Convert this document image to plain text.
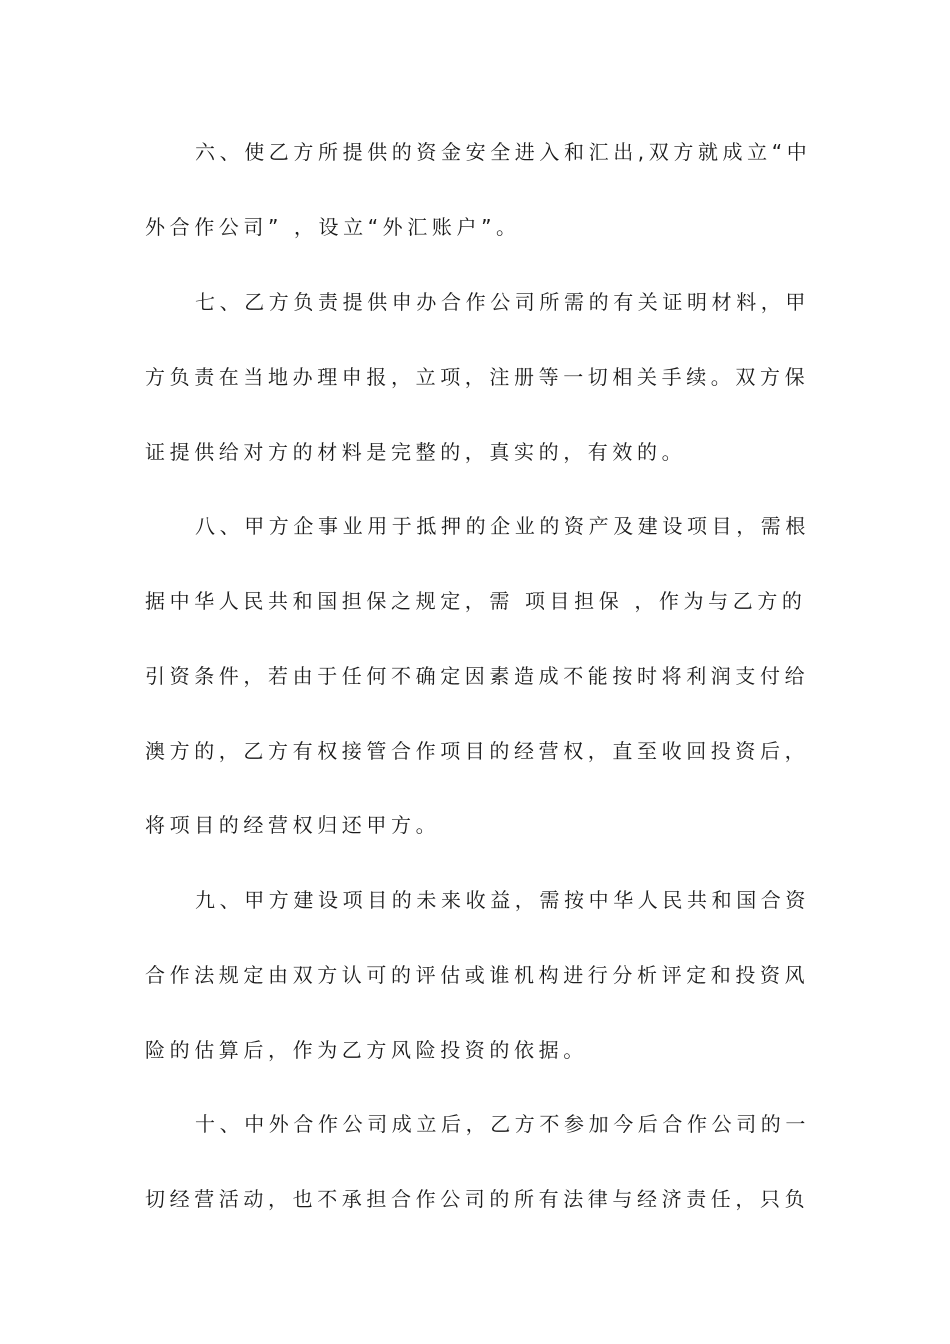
六、使乙方所提供的资金安全进入和汇出,双方就成立“中
外合作公司” ，设立“外汇账户”。
七、乙方负责提供申办合作公司所需的有关证明材料，甲
方负责在当地办理申报，立项，注册等一切相关手续。双方保
证提供给对方的材料是完整的，真实的，有效的。
八、甲方企事业用于抵押的企业的资产及建设项目，需根
据中华人民共和国担保之规定，需 项目担保 ，作为与乙方的
引资条件，若由于任何不确定因素造成不能按时将利润支付给
澳方的，乙方有权接管合作项目的经营权，直至收回投资后，
将项目的经营权归还甲方。
九、甲方建设项目的未来收益，需按中华人民共和国合资
合作法规定由双方认可的评估或谁机构进行分析评定和投资风
险的估算后，作为乙方风险投资的依据。
十、中外合作公司成立后，乙方不参加今后合作公司的一
切经营活动，也不承担合作公司的所有法律与经济责任，只负
